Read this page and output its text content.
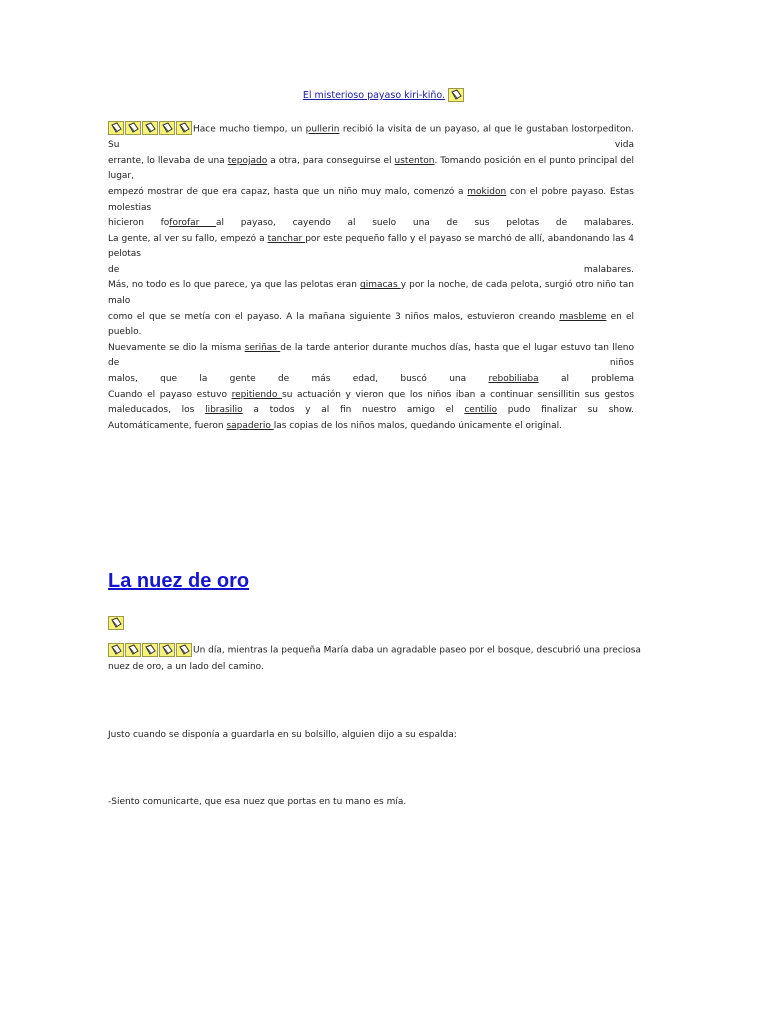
El misterioso payaso kiri-kiño.
Hace mucho tiempo, un pullerin recibió la visita de un payaso, al que le gustaban lostorpediton. Su vida
errante, lo llevaba de una tepojado a otra, para conseguirse el ustenton. Tomando posición en el punto principal del lugar,
empezó mostrar de que era capaz, hasta que un niño muy malo, comenzó a mokidon con el pobre payaso. Estas molestias
hicieron foforofar al payaso, cayendo al suelo una de sus pelotas de malabares.
La gente, al ver su fallo, empezó a tanchar por este pequeño fallo y el payaso se marchó de allí, abandonando las 4 pelotas
de malabares.
Más, no todo es lo que parece, ya que las pelotas eran gimacas y por la noche, de cada pelota, surgió otro niño tan malo
como el que se metía con el payaso. A la mañana siguiente 3 niños malos, estuvieron creando masbleme en el pueblo.
Nuevamente se dio la misma seriñas de la tarde anterior durante muchos días, hasta que el lugar estuvo tan lleno de niños
malos, que la gente de más edad, buscó una rebobiliaba al problema
Cuando el payaso estuvo repitiendo su actuación y vieron que los niños iban a continuar sensillitin sus gestos
maleducados, los librasilio a todos y al fin nuestro amigo el centilio pudo finalizar su show.
Automáticamente, fueron sapaderio las copias de los niños malos, quedando únicamente el original.
La nuez de oro
Un día, mientras la pequeña María daba un agradable paseo por el bosque, descubrió una preciosa nuez de oro, a un lado del camino.
Justo cuando se disponía a guardarla en su bolsillo, alguien dijo a su espalda:
-Siento comunicarte, que esa nuez que portas en tu mano es mía.
